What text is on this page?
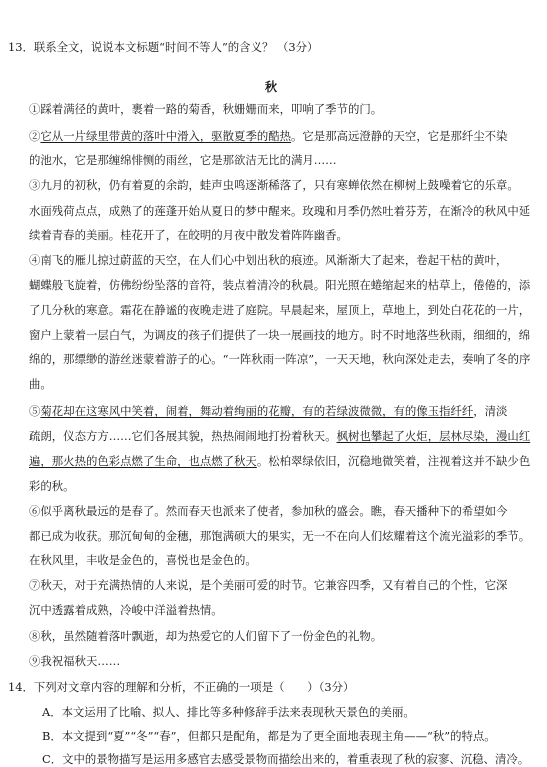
13．联系全文，说说本文标题“时间不等人”的含义？ （3分）
秋
①踩着满径的黄叶，裹着一路的菊香，秋姗姗而来，叩响了季节的门。
②它从一片绿里带黄的落叶中滑入，驱散夏季的酷热。它是那高远澄静的天空，它是那纤尘不染
的池水，它是那缠绵悱恻的雨丝，它是那欲洁无比的满月……
③九月的初秋，仍有着夏的余韵，蛙声虫鸣逐渐稀落了，只有寒蝉依然在柳树上鼓噪着它的乐章。
水面残荷点点，成熟了的莲蓬开始从夏日的梦中醒来。玫瑰和月季仍然吐着芬芳，在渐冷的秋风中延
续着青春的美丽。桂花开了，在皎明的月夜中散发着阵阵幽香。
④南飞的雁儿掠过蔚蓝的天空，在人们心中划出秋的痕迹。风渐渐大了起来，卷起干枯的黄叶，
蝴蝶般飞旋着，仿佛纷纷坠落的音符，装点着清冷的秋晨。阳光照在蜷缩起来的枯草上，倦倦的，添
了几分秋的寒意。霜花在静谧的夜晚走进了庭院。早晨起来，屋顶上，草地上，到处白花花的一片，
窗户上蒙着一层白气，为调皮的孩子们提供了一块一展画技的地方。时不时地落些秋雨，细细的，绵
绵的，那缥缈的游丝迷蒙着游子的心。“一阵秋雨一阵凉”，一天天地，秋向深处走去，奏响了冬的序
曲。
⑤菊花却在这寒风中笑着，闹着，舞动着绚丽的花瓣，有的若绿波微微，有的像玉指纤纤，清淡
疏朗，仪态方方……它们各展其貌，热热闹闹地打扮着秋天。枫树也攀起了火炬，层林尽染，漫山红
遍，那火热的色彩点燃了生命，也点燃了秋天。松柏翠绿依旧，沉稳地微笑着，注视着这并不缺少色
彩的秋。
⑥似乎离秋最远的是春了。然而春天也派来了使者，参加秋的盛会。瞧，春天播种下的希望如今
都已成为收获。那沉甸甸的金穗，那饱满硕大的果实，无一不在向人们炫耀着这个流光溢彩的季节。
在秋风里，丰收是金色的，喜悦也是金色的。
⑦秋天，对于充满热情的人来说，是个美丽可爱的时节。它兼容四季，又有着自己的个性，它深
沉中透露着成熟，冷峻中洋溢着热情。
⑧秋，虽然随着落叶飘逝，却为热爱它的人们留下了一份金色的礼物。
⑨我祝福秋天……
14．下列对文章内容的理解和分析，不正确的一项是（　　）（3分）
A．本文运用了比喻、拟人、排比等多种修辞手法来表现秋天景色的美丽。
B．本文提到“夏”“冬”“春”，但都只是配角，都是为了更全面地表现主角——“秋”的特点。
C．文中的景物描写是运用多感官去感受景物而描绘出来的，着重表现了秋的寂寥、沉稳、清冷。
